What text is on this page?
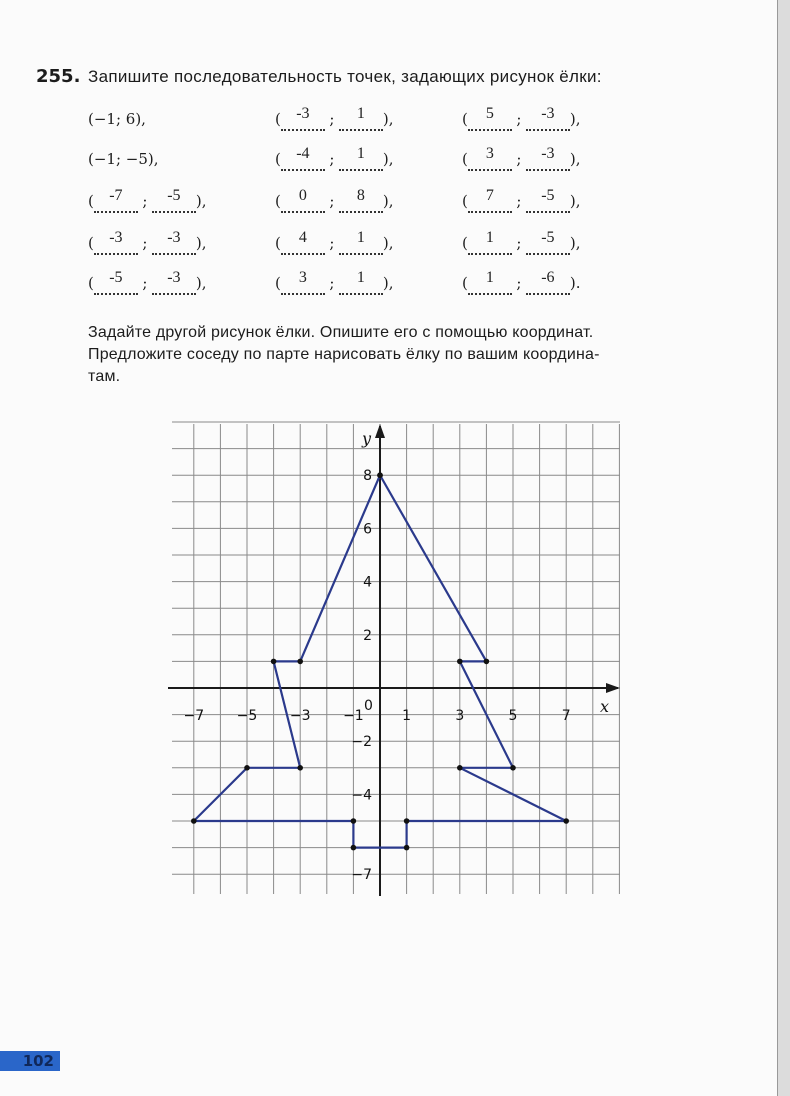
255. Запишите последовательность точек, задающих рисунок ёлки:
(−1; 6),	( -3 ; 1 ),	( 5 ; -3 ),
(−1; −5),	( -4 ; 1 ),	( 3 ; -3 ),
( -7 ; -5 ),	( 0 ; 8 ),	( 7 ; -5 ),
( -3 ; -3 ),	( 4 ; 1 ),	( 1 ; -5 ),
( -5 ; -3 ),	( 3 ; 1 ),	( 1 ; -6 ).
Задайте другой рисунок ёлки. Опишите его с помощью координат.
Предложите соседу по парте нарисовать ёлку по вашим координа-
там.
x
y
0
−7 −5 −3 −1	1	3	5	7
8
6
4
2
−2
−4
−7
102
